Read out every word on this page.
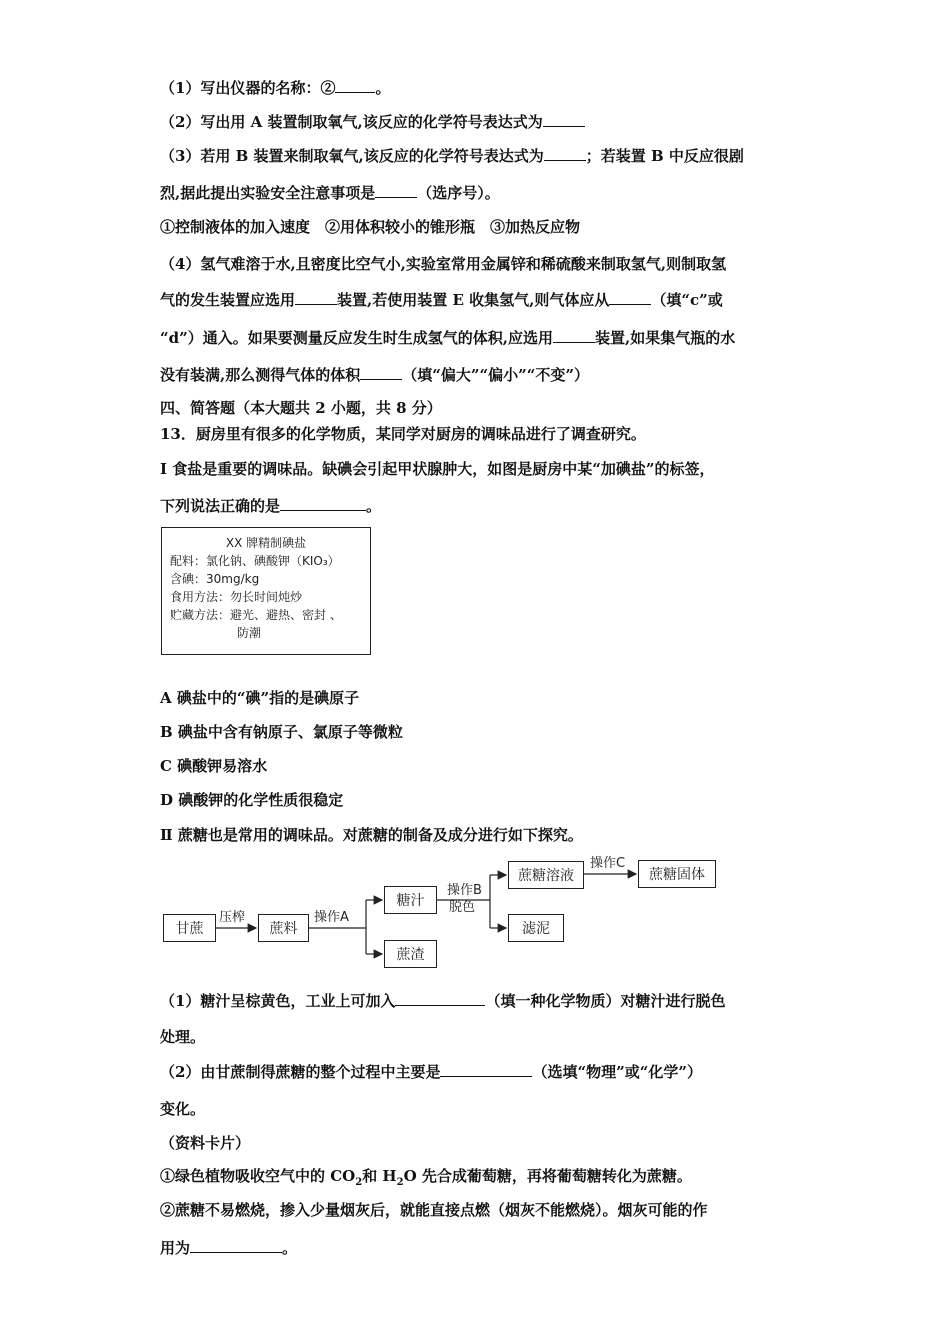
（1）写出仪器的名称：②	。
（2）写出用 A 装置制取氧气,该反应的化学符号表达式为
（3）若用 B 装置来制取氧气,该反应的化学符号表达式为	；若装置 B 中反应很剧
烈,据此提出实验安全注意事项是	（选序号）。
①控制液体的加入速度　②用体积较小的锥形瓶　③加热反应物
（4）氢气难溶于水,且密度比空气小,实验室常用金属锌和稀硫酸来制取氢气,则制取氢
气的发生装置应选用	装置,若使用装置 E 收集氢气,则气体应从	（填“c”或
“d”）通入。如果要测量反应发生时生成氢气的体积,应选用	装置,如果集气瓶的水
没有装满,那么测得气体的体积	（填“偏大”“偏小”“不变”）
四、简答题（本大题共 2 小题，共 8 分）
13．厨房里有很多的化学物质，某同学对厨房的调味品进行了调查研究。
Ⅰ 食盐是重要的调味品。缺碘会引起甲状腺肿大，如图是厨房中某“加碘盐”的标签，
下列说法正确的是	。
XX 牌精制碘盐
配料：氯化钠、碘酸钾（KIO₃）
含碘：30mg/kg
食用方法：勿长时间炖炒
贮藏方法：避光、避热、密封 、
防潮
A 碘盐中的“碘”指的是碘原子
B 碘盐中含有钠原子、氯原子等微粒
C 碘酸钾易溶水
D 碘酸钾的化学性质很稳定
Ⅱ 蔗糖也是常用的调味品。对蔗糖的制备及成分进行如下探究。
甘蔗
压榨
蔗料
操作A
糖汁
蔗渣
操作B
脱色
蔗糖溶液
滤泥
操作C
蔗糖固体
（1）糖汁呈棕黄色，工业上可加入	（填一种化学物质）对糖汁进行脱色
处理。
（2）由甘蔗制得蔗糖的整个过程中主要是	（选填“物理”或“化学”）
变化。
（资料卡片）
①绿色植物吸收空气中的 $CO_2$和 $H_2O$ 先合成葡萄糖，再将葡萄糖转化为蔗糖。
②蔗糖不易燃烧，掺入少量烟灰后，就能直接点燃（烟灰不能燃烧）。烟灰可能的作
用为	。
